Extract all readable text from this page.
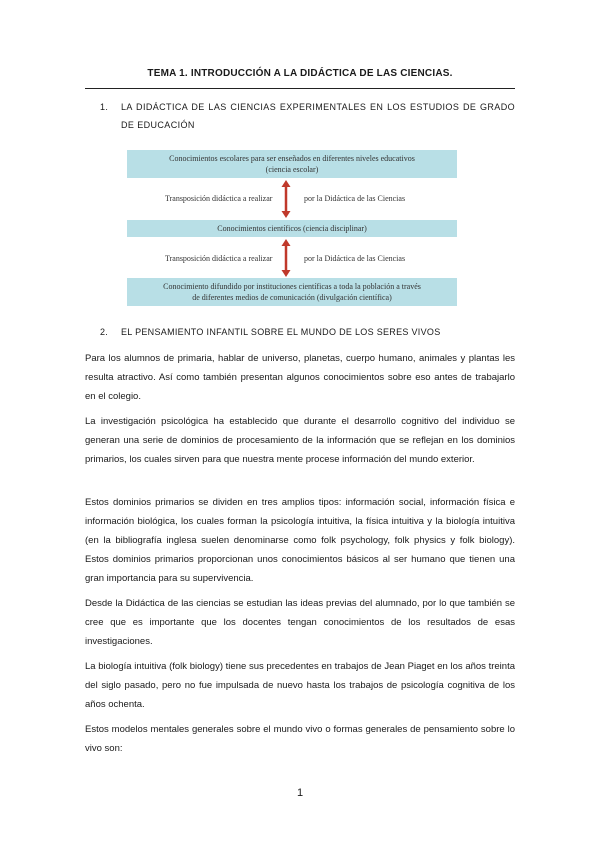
TEMA 1. INTRODUCCIÓN A LA DIDÁCTICA DE LAS CIENCIAS.
1.	LA DIDÁCTICA DE LAS CIENCIAS EXPERIMENTALES EN LOS ESTUDIOS DE GRADO DE EDUCACIÓN
Conocimientos escolares para ser enseñados en diferentes niveles educativos
(ciencia escolar)
Transposición didáctica a realizar	por la Didáctica de las Ciencias
Conocimientos científicos (ciencia disciplinar)
Transposición didáctica a realizar	por la Didáctica de las Ciencias
Conocimiento difundido por instituciones científicas a toda la población a través
de diferentes medios de comunicación (divulgación científica)
2.	EL PENSAMIENTO INFANTIL SOBRE EL MUNDO DE LOS SERES VIVOS

Para los alumnos de primaria, hablar de universo, planetas, cuerpo humano, animales y plantas les resulta atractivo. Así como también presentan algunos conocimientos sobre eso antes de trabajarlo en el colegio.

La investigación psicológica ha establecido que durante el desarrollo cognitivo del individuo se generan una serie de dominios de procesamiento de la información que se reflejan en los dominios primarios, los cuales sirven para que nuestra mente procese información del mundo exterior.

Estos dominios primarios se dividen en tres amplios tipos: información social, información física e información biológica, los cuales forman la psicología intuitiva, la física intuitiva y la biología intuitiva (en la bibliografía inglesa suelen denominarse como folk psychology, folk physics y folk biology). Estos dominios primarios proporcionan unos conocimientos básicos al ser humano que tienen una gran importancia para su supervivencia.

Desde la Didáctica de las ciencias se estudian las ideas previas del alumnado, por lo que también se cree que es importante que los docentes tengan conocimientos de los resultados de esas investigaciones.

La biología intuitiva (folk biology) tiene sus precedentes en trabajos de Jean Piaget en los años treinta del siglo pasado, pero no fue impulsada de nuevo hasta los trabajos de psicología cognitiva de los años ochenta.

Estos modelos mentales generales sobre el mundo vivo o formas generales de pensamiento sobre lo vivo son:

1
